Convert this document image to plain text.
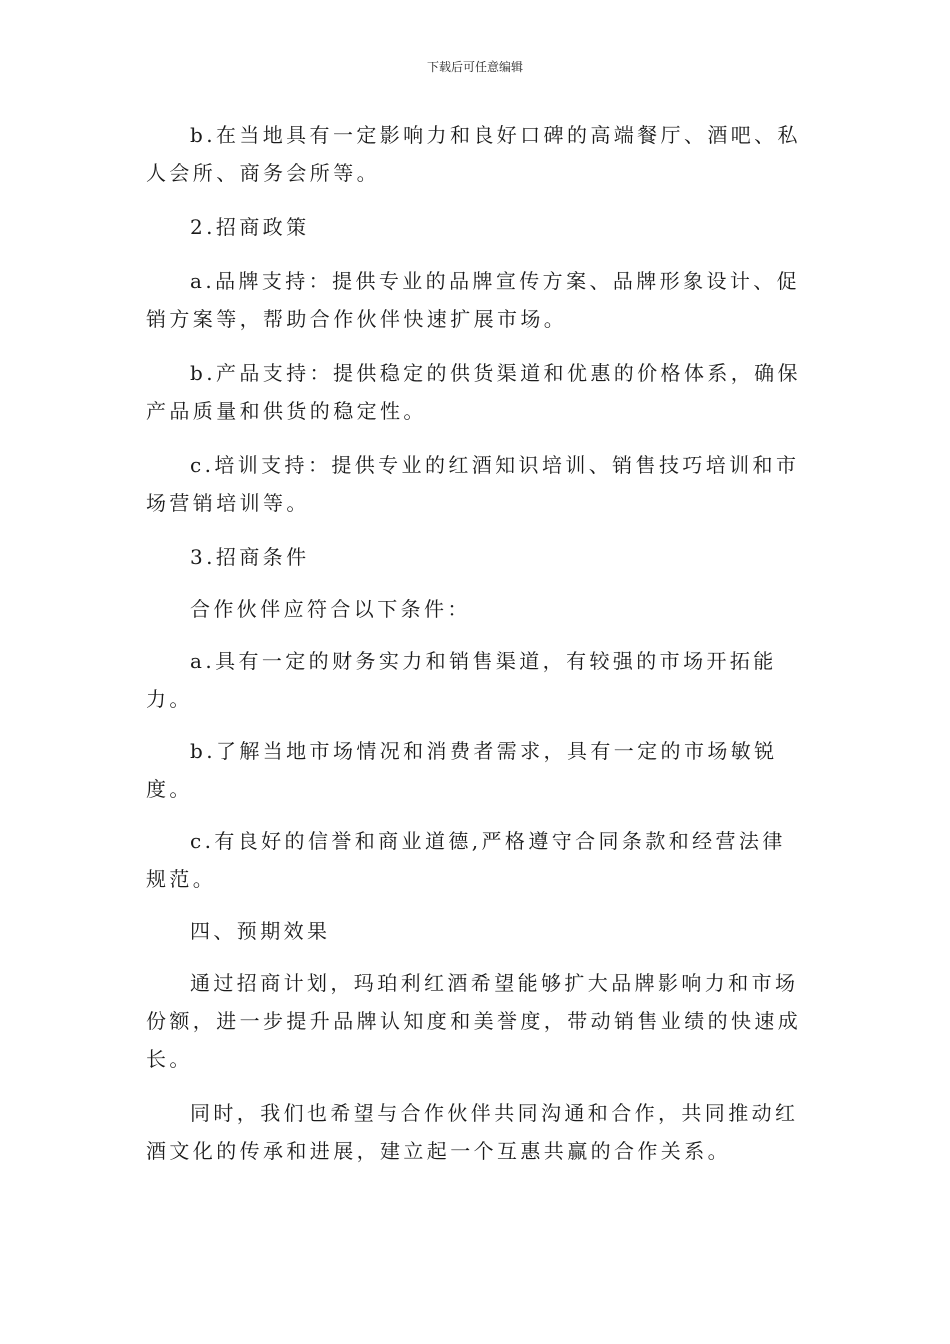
下载后可任意编辑

b.在当地具有一定影响力和良好口碑的高端餐厅、酒吧、私人会所、商务会所等。

2.招商政策

a.品牌支持：提供专业的品牌宣传方案、品牌形象设计、促销方案等，帮助合作伙伴快速扩展市场。

b.产品支持：提供稳定的供货渠道和优惠的价格体系，确保产品质量和供货的稳定性。

c.培训支持：提供专业的红酒知识培训、销售技巧培训和市场营销培训等。

3.招商条件

合作伙伴应符合以下条件：

a.具有一定的财务实力和销售渠道，有较强的市场开拓能力。

b.了解当地市场情况和消费者需求，具有一定的市场敏锐度。

c.有良好的信誉和商业道德,严格遵守合同条款和经营法律规范。

四、预期效果

通过招商计划，玛珀利红酒希望能够扩大品牌影响力和市场份额，进一步提升品牌认知度和美誉度，带动销售业绩的快速成长。

同时，我们也希望与合作伙伴共同沟通和合作，共同推动红酒文化的传承和进展，建立起一个互惠共赢的合作关系。
